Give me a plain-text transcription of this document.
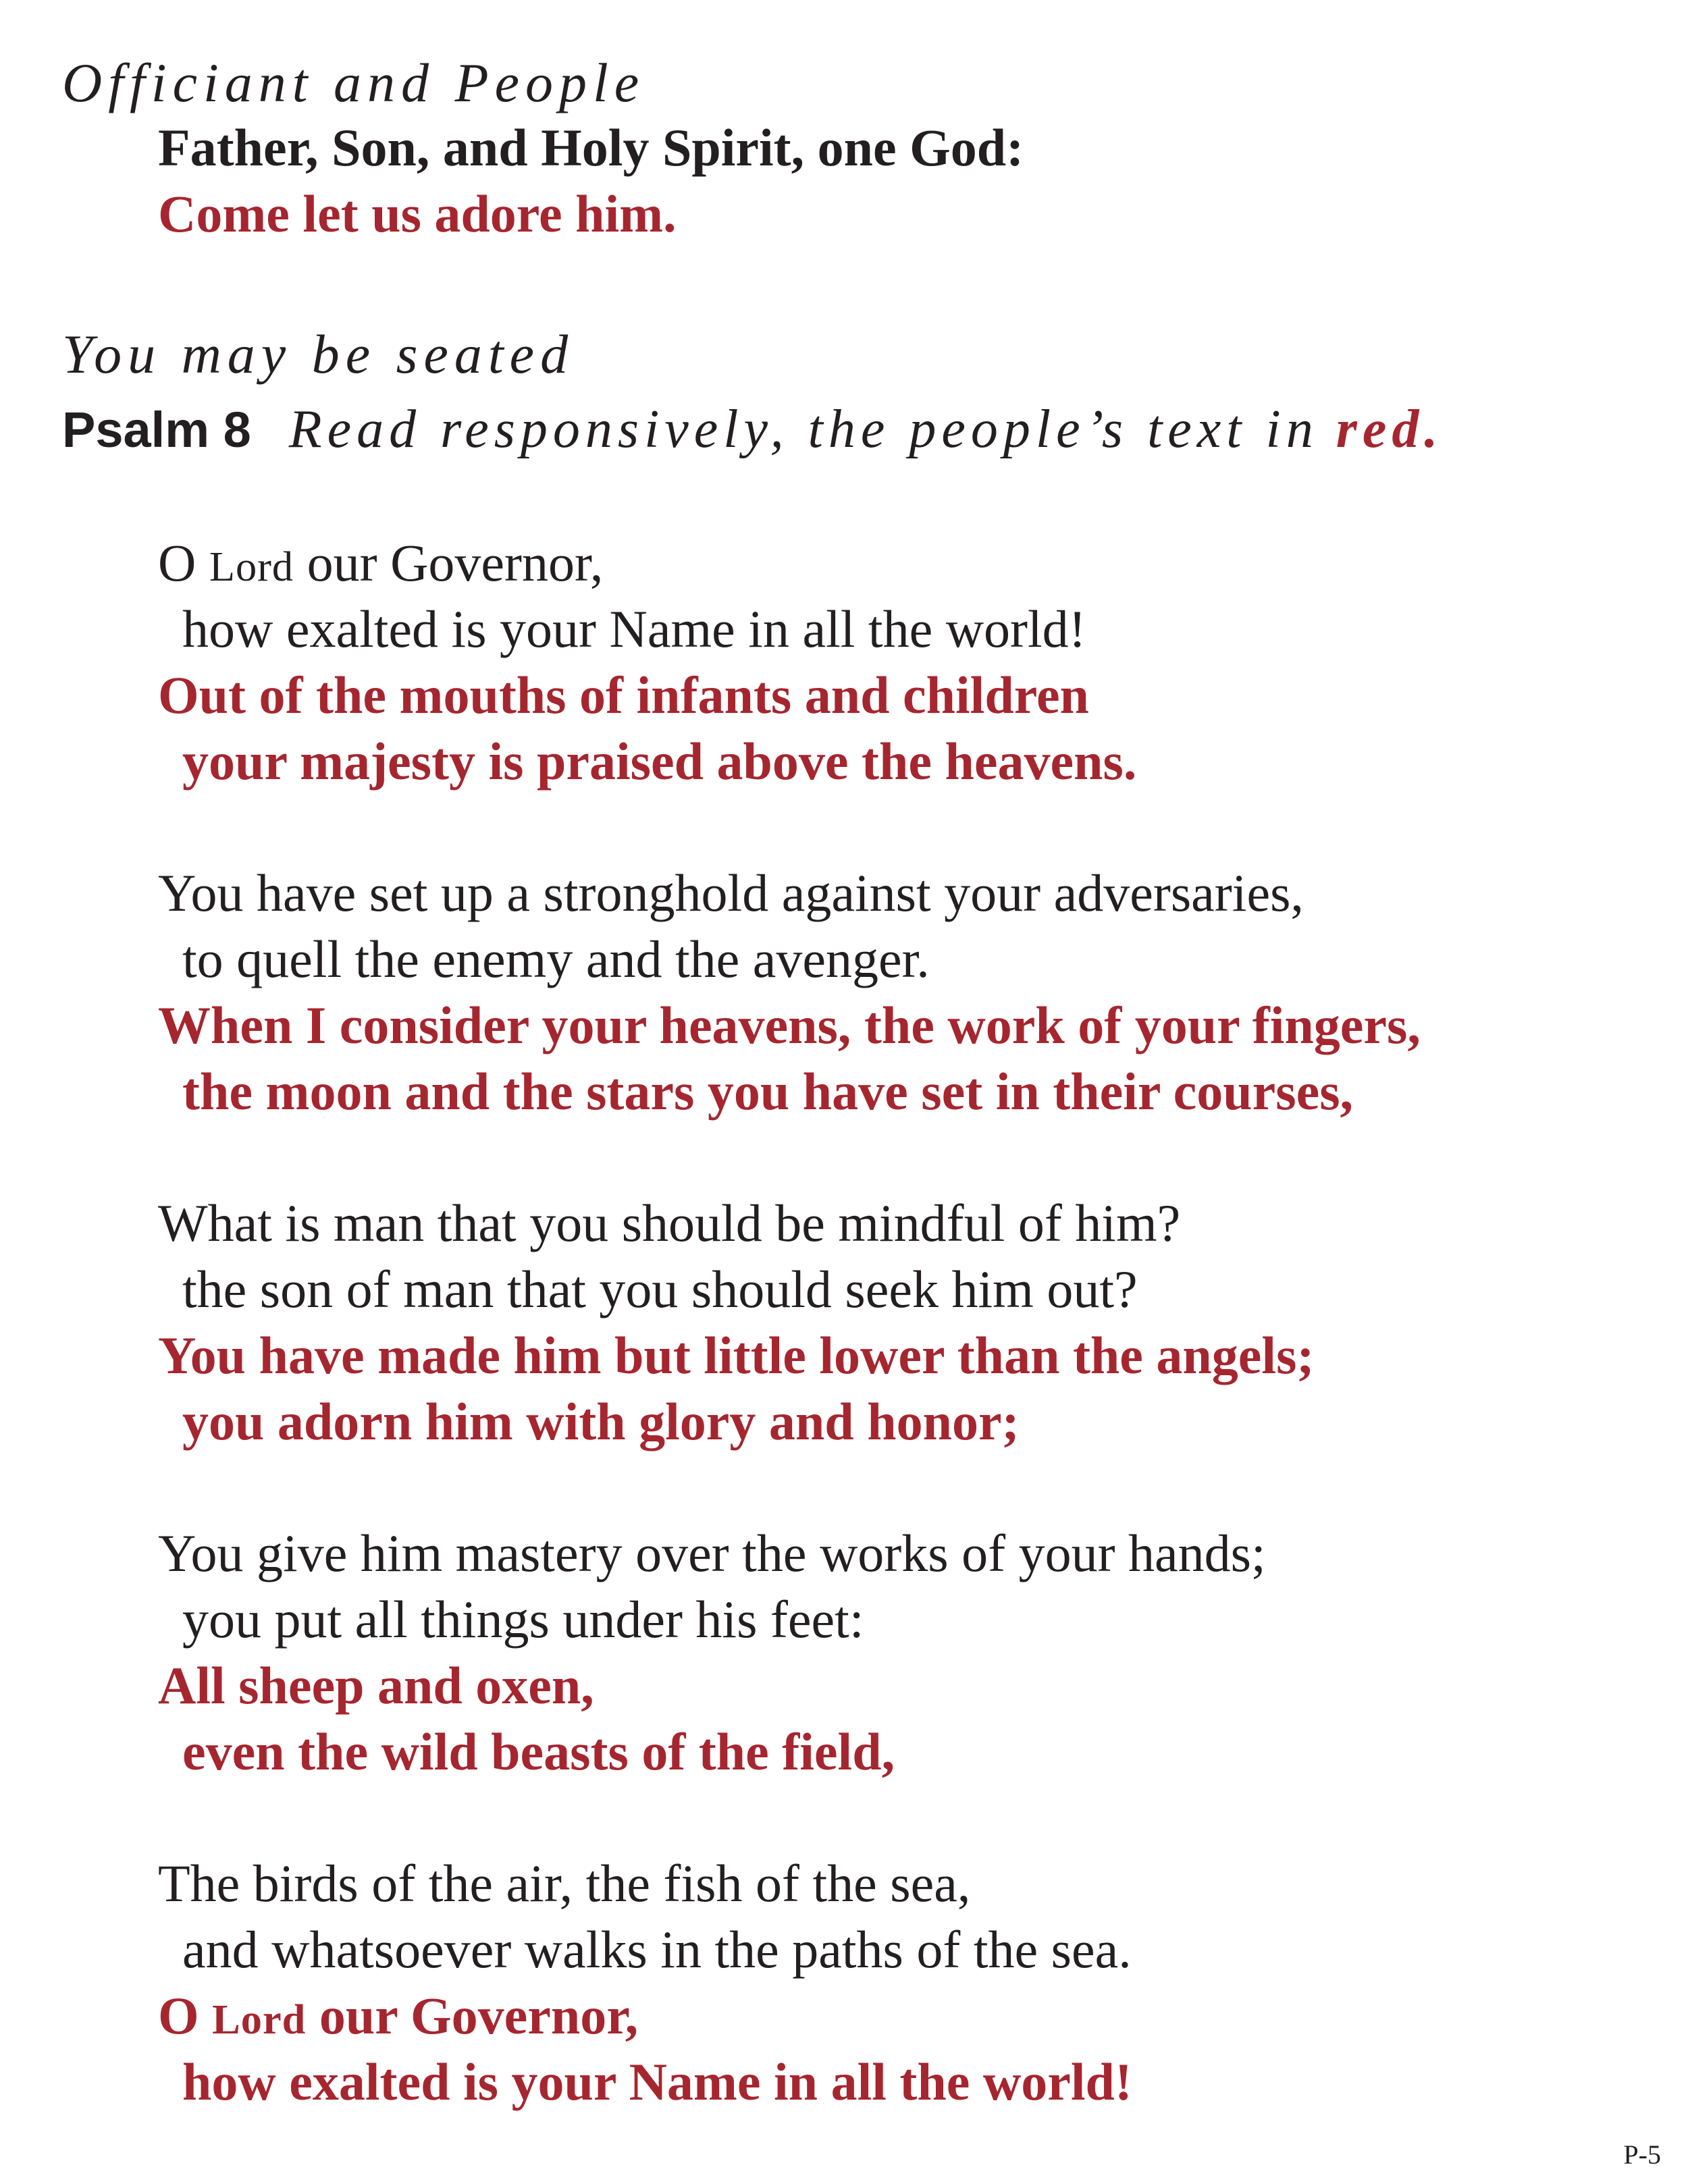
Officiant and People
Father, Son, and Holy Spirit, one God:
Come let us adore him.
You may be seated
Psalm 8 Read responsively, the people’s text in red.
O Lord our Governor,
how exalted is your Name in all the world!
Out of the mouths of infants and children
your majesty is praised above the heavens.
You have set up a stronghold against your adversaries,
to quell the enemy and the avenger.
When I consider your heavens, the work of your fingers,
the moon and the stars you have set in their courses,
What is man that you should be mindful of him?
the son of man that you should seek him out?
You have made him but little lower than the angels;
you adorn him with glory and honor;
You give him mastery over the works of your hands;
you put all things under his feet:
All sheep and oxen,
even the wild beasts of the field,
The birds of the air, the fish of the sea,
and whatsoever walks in the paths of the sea.
O Lord our Governor,
how exalted is your Name in all the world!
P-5
